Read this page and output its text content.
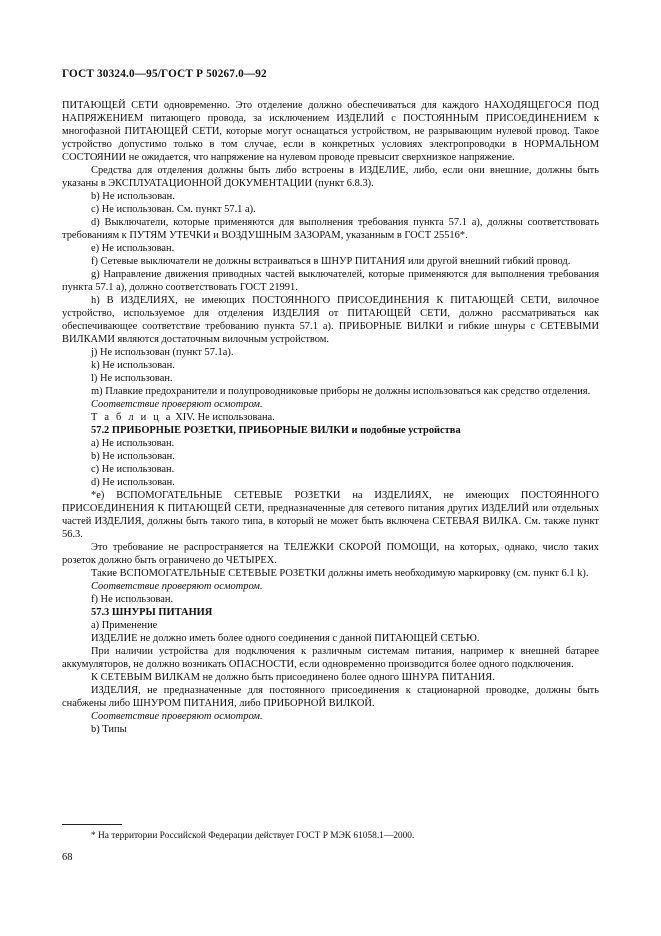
ГОСТ 30324.0—95/ГОСТ Р 50267.0—92

ПИТАЮЩЕЙ СЕТИ одновременно. Это отделение должно обеспечиваться для каждого НАХОДЯЩЕГОСЯ ПОД НАПРЯЖЕНИЕМ питающего провода, за исключением ИЗДЕЛИЙ с ПОСТОЯННЫМ ПРИСОЕДИНЕНИЕМ к многофазной ПИТАЮЩЕЙ СЕТИ, которые могут оснащаться устройством, не разрывающим нулевой провод. Такое устройство допустимо только в том случае, если в конкретных условиях электропроводки в НОРМАЛЬНОМ СОСТОЯНИИ не ожидается, что напряжение на нулевом проводе превысит сверхнизкое напряжение.

Средства для отделения должны быть либо встроены в ИЗДЕЛИЕ, либо, если они внешние, должны быть указаны в ЭКСПЛУАТАЦИОННОЙ ДОКУМЕНТАЦИИ (пункт 6.8.3).

b) Не использован.

c) Не использован. См. пункт 57.1 а).

d) Выключатели, которые применяются для выполнения требования пункта 57.1 а), должны соответствовать требованиям к ПУТЯМ УТЕЧКИ и ВОЗДУШНЫМ ЗАЗОРАМ, указанным в ГОСТ 25516*.

e) Не использован.

f) Сетевые выключатели не должны встраиваться в ШНУР ПИТАНИЯ или другой внешний гибкий провод.

g) Направление движения приводных частей выключателей, которые применяются для выполнения требования пункта 57.1 а), должно соответствовать ГОСТ 21991.

h) В ИЗДЕЛИЯХ, не имеющих ПОСТОЯННОГО ПРИСОЕДИНЕНИЯ К ПИТАЮЩЕЙ СЕТИ, вилочное устройство, используемое для отделения ИЗДЕЛИЯ от ПИТАЮЩЕЙ СЕТИ, должно рассматриваться как обеспечивающее соответствие требованию пункта 57.1 а). ПРИБОРНЫЕ ВИЛКИ и гибкие шнуры с СЕТЕВЫМИ ВИЛКАМИ являются достаточным вилочным устройством.

j) Не использован (пункт 57.1а).

k) Не использован.

l) Не использован.

m) Плавкие предохранители и полупроводниковые приборы не должны использоваться как средство отделения.

Соответствие проверяют осмотром.

Т а б л и ц а XIV. Не использована.

57.2 ПРИБОРНЫЕ РОЗЕТКИ, ПРИБОРНЫЕ ВИЛКИ и подобные устройства

а) Не использован.

b) Не использован.

c) Не использован.

d) Не использован.

*e) ВСПОМОГАТЕЛЬНЫЕ СЕТЕВЫЕ РОЗЕТКИ на ИЗДЕЛИЯХ, не имеющих ПОСТОЯННОГО ПРИСОЕДИНЕНИЯ К ПИТАЮЩЕЙ СЕТИ, предназначенные для сетевого питания других ИЗДЕЛИЙ или отдельных частей ИЗДЕЛИЯ, должны быть такого типа, в который не может быть включена СЕТЕВАЯ ВИЛКА. См. также пункт 56.3.

Это требование не распространяется на ТЕЛЕЖКИ СКОРОЙ ПОМОЩИ, на которых, однако, число таких розеток должно быть ограничено до ЧЕТЫРЕХ.

Такие ВСПОМОГАТЕЛЬНЫЕ СЕТЕВЫЕ РОЗЕТКИ должны иметь необходимую маркировку (см. пункт 6.1 k).

Соответствие проверяют осмотром.

f) Не использован.

57.3 ШНУРЫ ПИТАНИЯ

а) Применение

ИЗДЕЛИЕ не должно иметь более одного соединения с данной ПИТАЮЩЕЙ СЕТЬЮ.

При наличии устройства для подключения к различным системам питания, например к внешней батарее аккумуляторов, не должно возникать ОПАСНОСТИ, если одновременно производится более одного подключения.

К СЕТЕВЫМ ВИЛКАМ не должно быть присоединено более одного ШНУРА ПИТАНИЯ.

ИЗДЕЛИЯ, не предназначенные для постоянного присоединения к стационарной проводке, должны быть снабжены либо ШНУРОМ ПИТАНИЯ, либо ПРИБОРНОЙ ВИЛКОЙ.

Соответствие проверяют осмотром.

b) Типы

* На территории Российской Федерации действует ГОСТ Р МЭК 61058.1—2000.
68
